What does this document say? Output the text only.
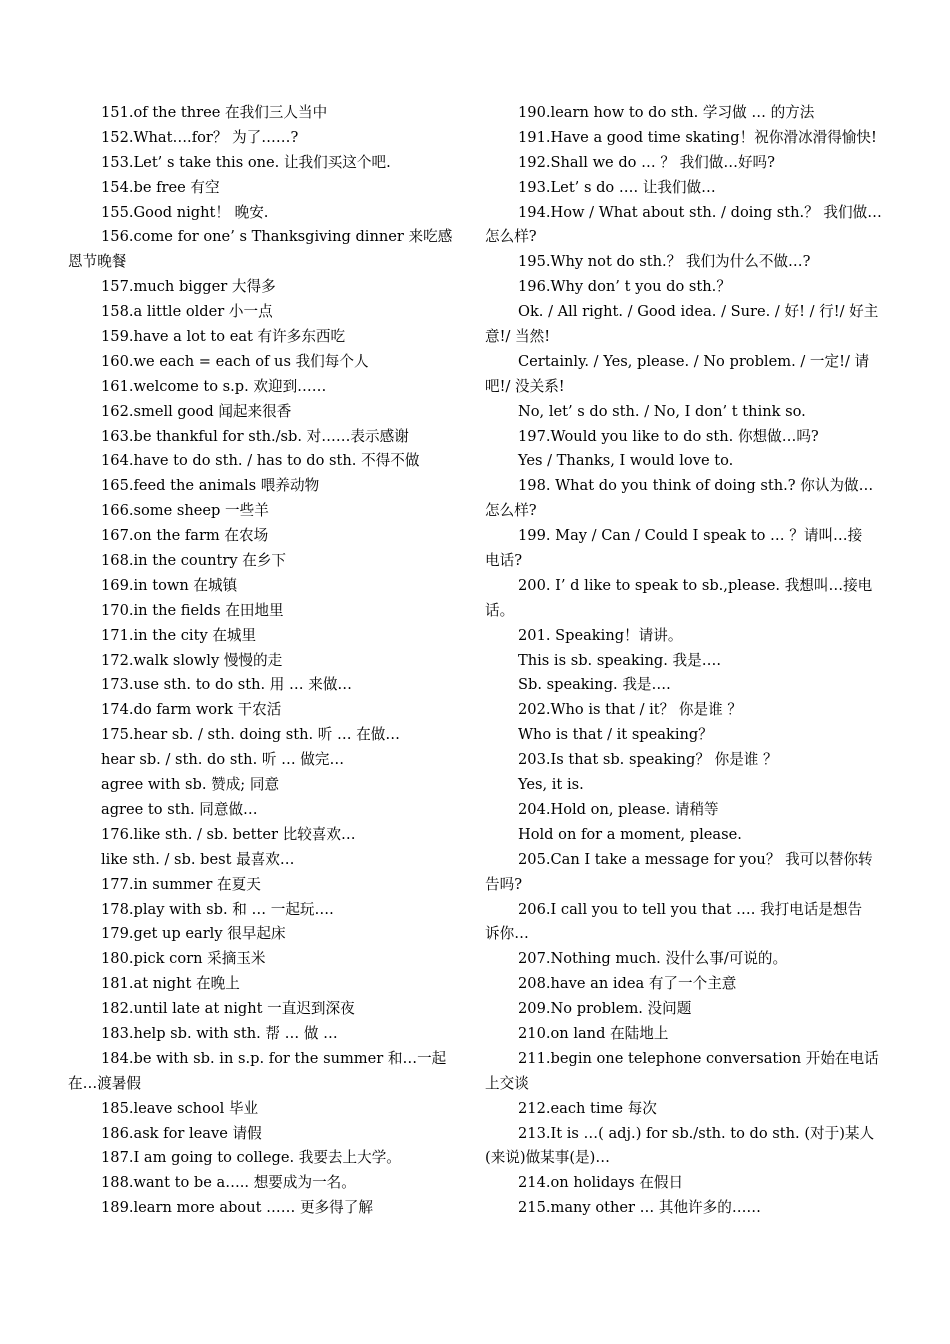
151.of the three 在我们三人当中
152.What….for？ 为了……?
153.Let’ s take this one. 让我们买这个吧.
154.be free 有空
155.Good night！ 晚安.
156.come for one’ s Thanksgiving dinner 来吃感
恩节晚餐
157.much bigger 大得多
158.a little older 小一点
159.have a lot to eat 有许多东西吃
160.we each = each of us 我们每个人
161.welcome to s.p. 欢迎到……
162.smell good 闻起来很香
163.be thankful for sth./sb. 对……表示感谢
164.have to do sth. / has to do sth. 不得不做
165.feed the animals 喂养动物
166.some sheep 一些羊
167.on the farm 在农场
168.in the country 在乡下
169.in town 在城镇
170.in the fields 在田地里
171.in the city 在城里
172.walk slowly 慢慢的走
173.use sth. to do sth. 用 … 来做…
174.do farm work 干农活
175.hear sb. / sth. doing sth. 听 … 在做…
hear sb. / sth. do sth. 听 … 做完…
agree with sb. 赞成; 同意
agree to sth. 同意做…
176.like sth. / sb. better 比较喜欢…
like sth. / sb. best 最喜欢…
177.in summer 在夏天
178.play with sb. 和 … 一起玩….
179.get up early 很早起床
180.pick corn 采摘玉米
181.at night 在晚上
182.until late at night 一直迟到深夜
183.help sb. with sth. 帮 … 做 …
184.be with sb. in s.p. for the summer 和…一起
在…渡暑假
185.leave school 毕业
186.ask for leave 请假
187.I am going to college. 我要去上大学。
188.want to be a….. 想要成为一名。
189.learn more about …… 更多得了解
190.learn how to do sth. 学习做 … 的方法
191.Have a good time skating！祝你滑冰滑得愉快!
192.Shall we do … ？ 我们做…好吗?
193.Let’ s do …. 让我们做…
194.How / What about sth. / doing sth.？ 我们做…
怎么样?
195.Why not do sth.？ 我们为什么不做…?
196.Why don’ t you do sth.？
Ok. / All right. / Good idea. / Sure. / 好! / 行!/ 好主
意!/ 当然!
Certainly. / Yes, please. / No problem. / 一定!/ 请
吧!/ 没关系!
No, let’ s do sth. / No, I don’ t think so.
197.Would you like to do sth. 你想做…吗?
Yes / Thanks, I would love to.
198. What do you think of doing sth.? 你认为做…
怎么样?
199. May / Can / Could I speak to … ？请叫…接
电话?
200. I’ d like to speak to sb.,please. 我想叫…接电
话。
201. Speaking！请讲。
This is sb. speaking. 我是….
Sb. speaking. 我是….
202.Who is that / it？ 你是谁 ？
Who is that / it speaking？
203.Is that sb. speaking？ 你是谁 ？
Yes, it is.
204.Hold on, please. 请稍等
Hold on for a moment, please.
205.Can I take a message for you？ 我可以替你转
告吗?
206.I call you to tell you that …. 我打电话是想告
诉你…
207.Nothing much. 没什么事/可说的。
208.have an idea 有了一个主意
209.No problem. 没问题
210.on land 在陆地上
211.begin one telephone conversation 开始在电话
上交谈
212.each time 每次
213.It is …( adj.) for sb./sth. to do sth. (对于)某人
(来说)做某事(是)…
214.on holidays 在假日
215.many other … 其他许多的……
